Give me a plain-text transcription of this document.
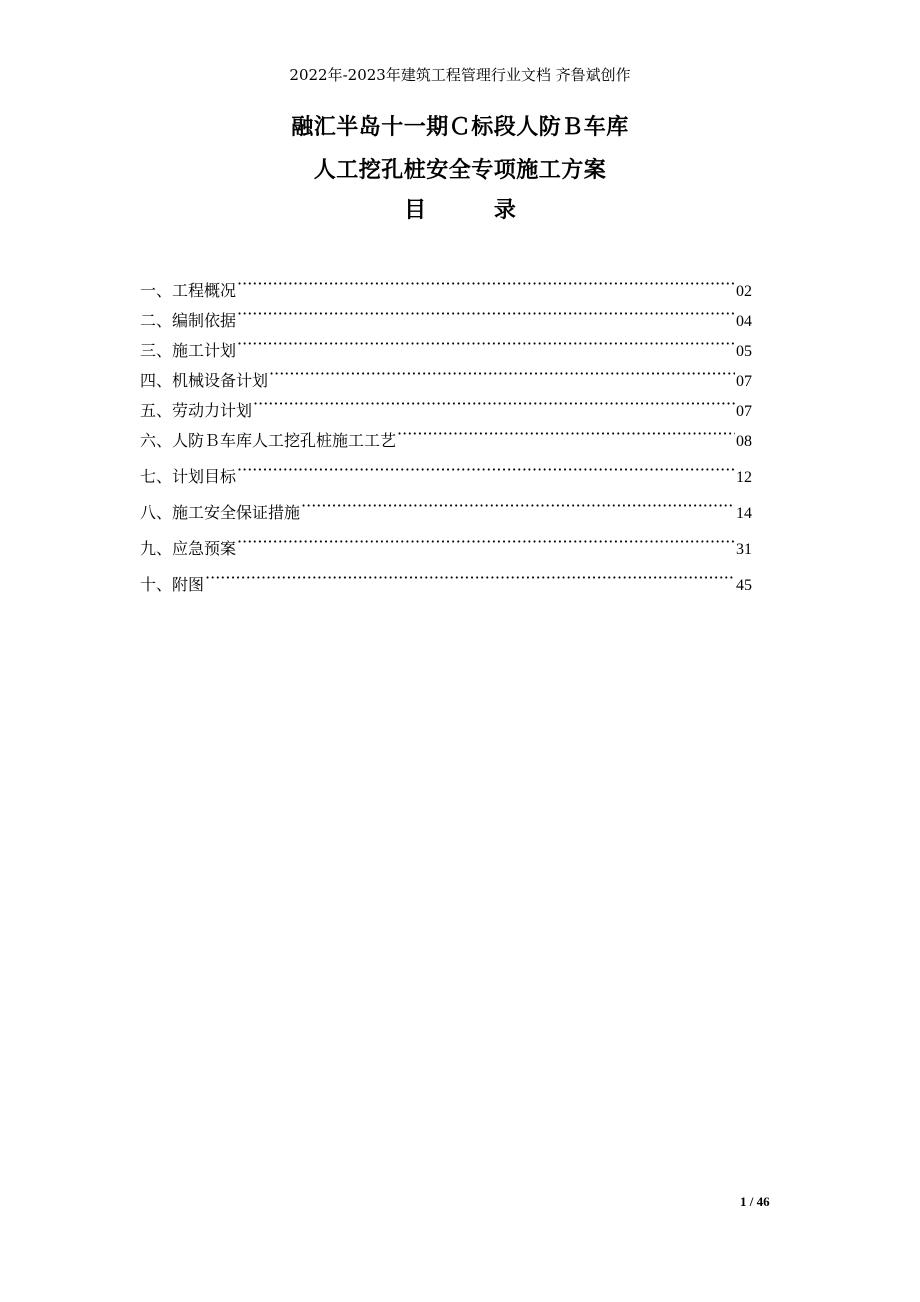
2022年-2023年建筑工程管理行业文档 齐鲁斌创作
融汇半岛十一期Ｃ标段人防Ｂ车库
人工挖孔桩安全专项施工方案
目 录
一、工程概况 ·····	02
二、编制依据 ·····	04
三、施工计划 ·····	05
四、机械设备计划 ·····	07
五、劳动力计划 ·····	07
六、人防Ｂ车库人工挖孔桩施工工艺 ·····	08
七、计划目标 ·····	12
八、施工安全保证措施 ·····	14
九、应急预案 ·····	31
十、附图 ·····	45
1 / 46
